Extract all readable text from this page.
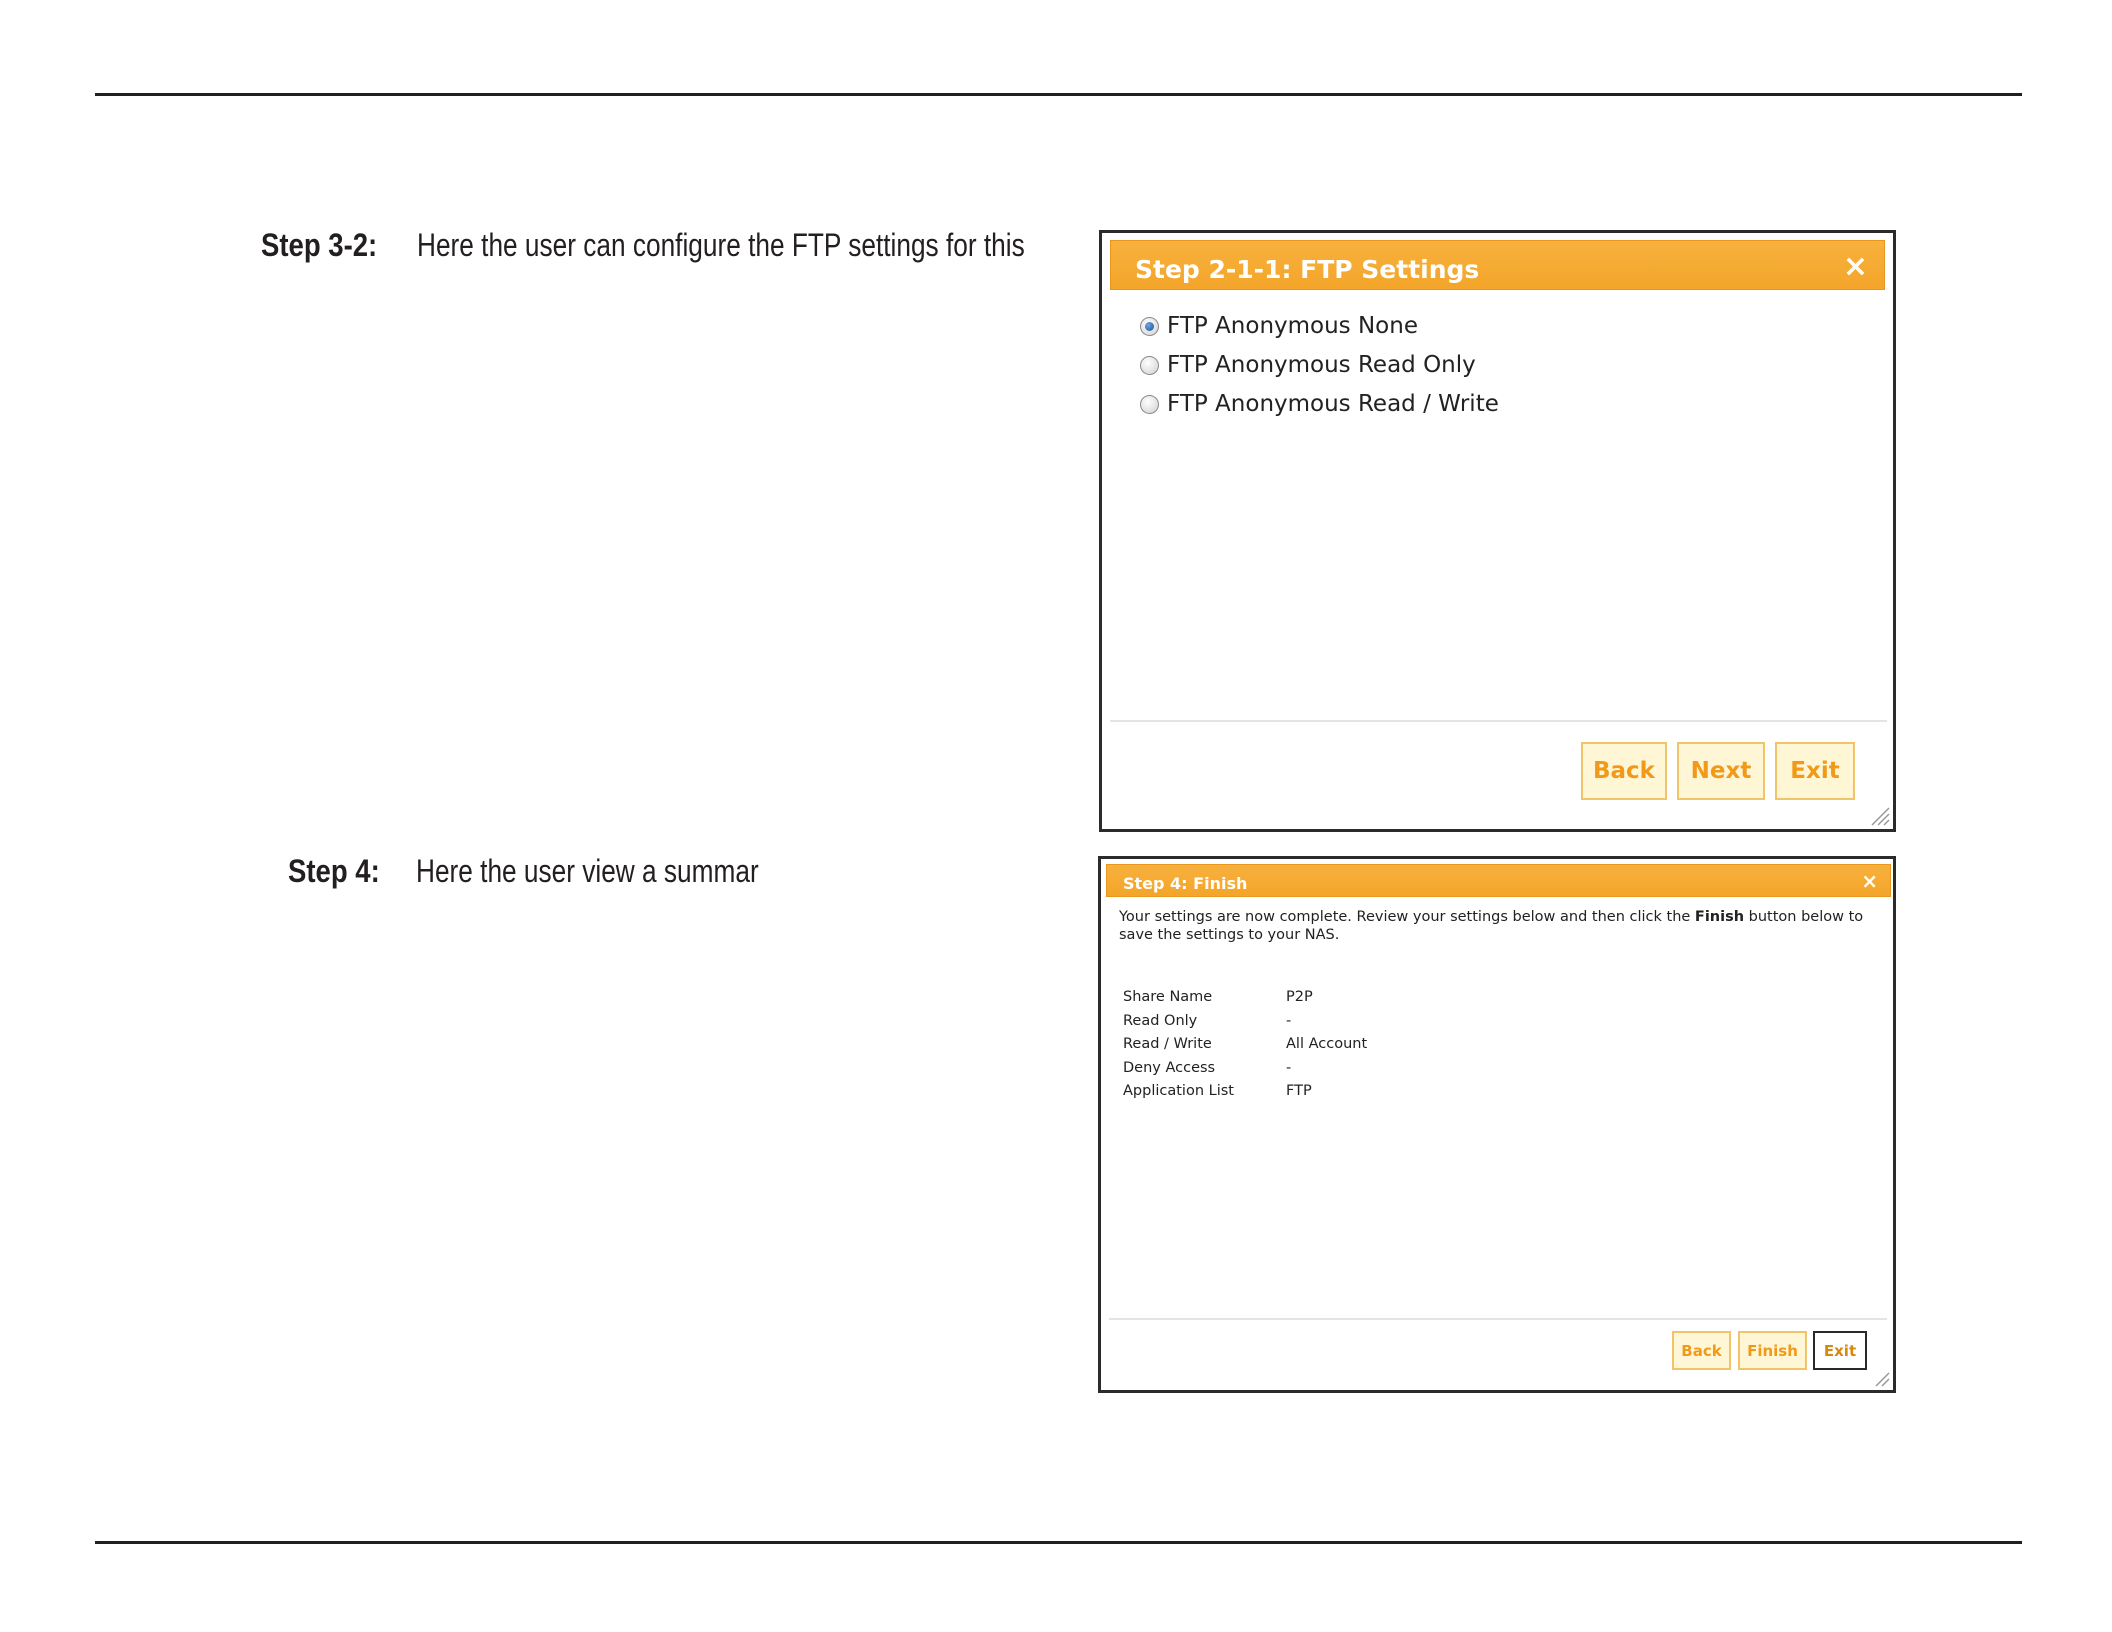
Step 3-2: Here the user can configure the FTP settings for this
Step 2-1-1: FTP Settings	×
FTP Anonymous None
FTP Anonymous Read Only
FTP Anonymous Read / Write
Back	Next	Exit
Step 4: Here the user view a summar	Step 4: Finish	×
Your settings are now complete. Review your settings below and then click the Finish button below to save the settings to your NAS.
Share Name	P2P
Read Only	-
Read / Write	All Account
Deny Access	-
Application List	FTP
Back	Finish	Exit
